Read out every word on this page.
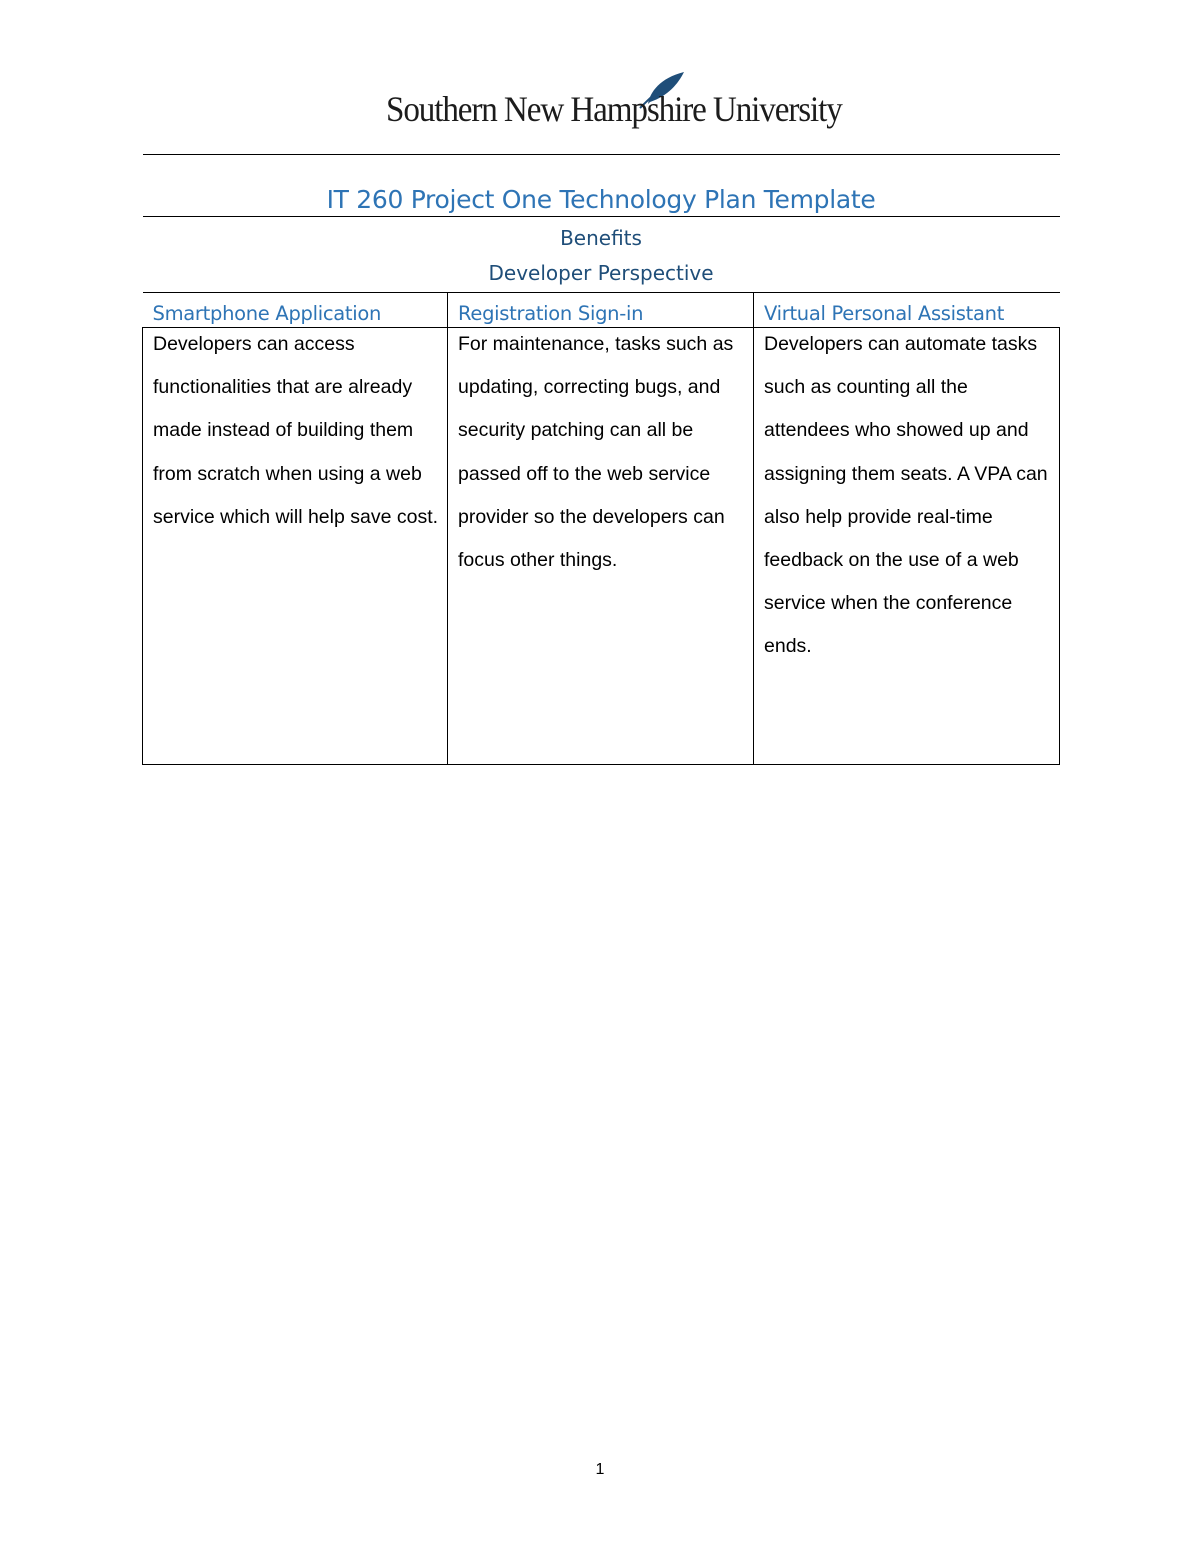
Southern New Hampshire University
IT 260 Project One Technology Plan Template		

Benefits
Developer Perspective		

Smartphone Application	Registration Sign-in	Virtual Personal Assistant

Developers can access functionalities that are already made instead of building them from scratch when using a web service which will help save cost.	For maintenance, tasks such as updating, correcting bugs, and security patching can all be passed off to the web service provider so the developers can focus other things.	Developers can automate tasks such as counting all the attendees who showed up and assigning them seats. A VPA can also help provide real-time feedback on the use of a web service when the conference ends.
1
